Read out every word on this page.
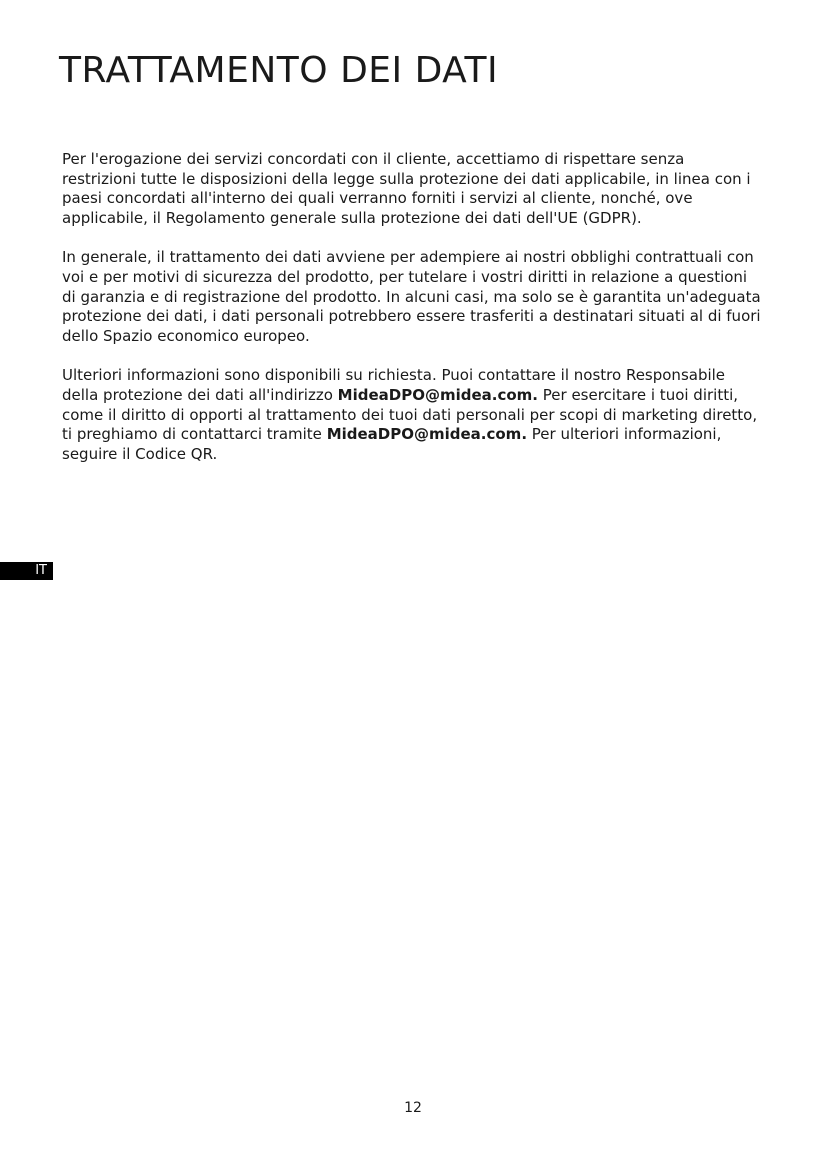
TRATTAMENTO DEI DATI

Per l'erogazione dei servizi concordati con il cliente, accettiamo di rispettare senza restrizioni tutte le disposizioni della legge sulla protezione dei dati applicabile, in linea con i paesi concordati all'interno dei quali verranno forniti i servizi al cliente, nonché, ove applicabile, il Regolamento generale sulla protezione dei dati dell'UE (GDPR).

In generale, il trattamento dei dati avviene per adempiere ai nostri obblighi contrattuali con voi e per motivi di sicurezza del prodotto, per tutelare i vostri diritti in relazione a questioni di garanzia e di registrazione del prodotto. In alcuni casi, ma solo se è garantita un'adeguata protezione dei dati, i dati personali potrebbero essere trasferiti a destinatari situati al di fuori dello Spazio economico europeo.

Ulteriori informazioni sono disponibili su richiesta. Puoi contattare il nostro Responsabile della protezione dei dati all'indirizzo MideaDPO@midea.com. Per esercitare i tuoi diritti, come il diritto di opporti al trattamento dei tuoi dati personali per scopi di marketing diretto, ti preghiamo di contattarci tramite MideaDPO@midea.com. Per ulteriori informazioni, seguire il Codice QR.

IT
12
